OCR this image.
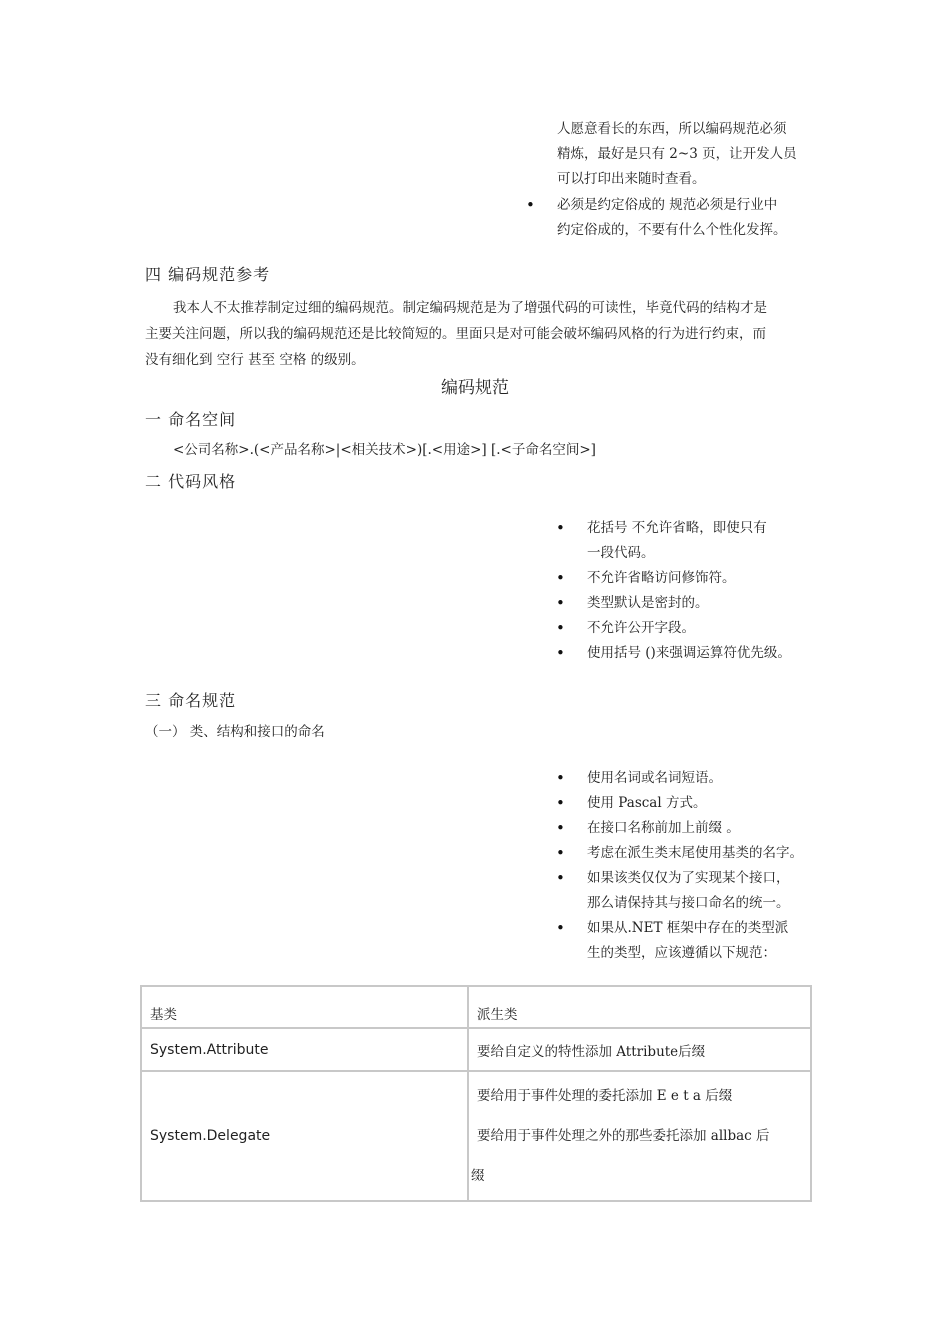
人愿意看长的东西，所以编码规范必须
精炼，最好是只有 2~3 页，让开发人员
可以打印出来随时查看。
• 必须是约定俗成的 规范必须是行业中
约定俗成的，不要有什么个性化发挥。
四 编码规范参考
我本人不太推荐制定过细的编码规范。制定编码规范是为了增强代码的可读性，毕竟代码的结构才是
主要关注问题，所以我的编码规范还是比较简短的。里面只是对可能会破坏编码风格的行为进行约束，而
没有细化到 空行 甚至 空格 的级别。
编码规范
一 命名空间
<公司名称>.(<产品名称>|<相关技术>)[.<用途>] [.<子命名空间>]
二 代码风格
• 花括号 不允许省略，即使只有
一段代码。
• 不允许省略访问修饰符。
• 类型默认是密封的。
• 不允许公开字段。
• 使用括号 ()来强调运算符优先级。
三 命名规范
（一） 类、结构和接口的命名
• 使用名词或名词短语。
• 使用 Pascal 方式。
• 在接口名称前加上前缀 。
• 考虑在派生类末尾使用基类的名字。
• 如果该类仅仅为了实现某个接口，
那么请保持其与接口命名的统一。
• 如果从.NET 框架中存在的类型派
生的类型，应该遵循以下规范：
基类	派生类
System.Attribute	要给自定义的特性添加 Attribute后缀
System.Delegate	要给用于事件处理的委托添加 E e t a 后缀
要给用于事件处理之外的那些委托添加 allbac 后
缀
